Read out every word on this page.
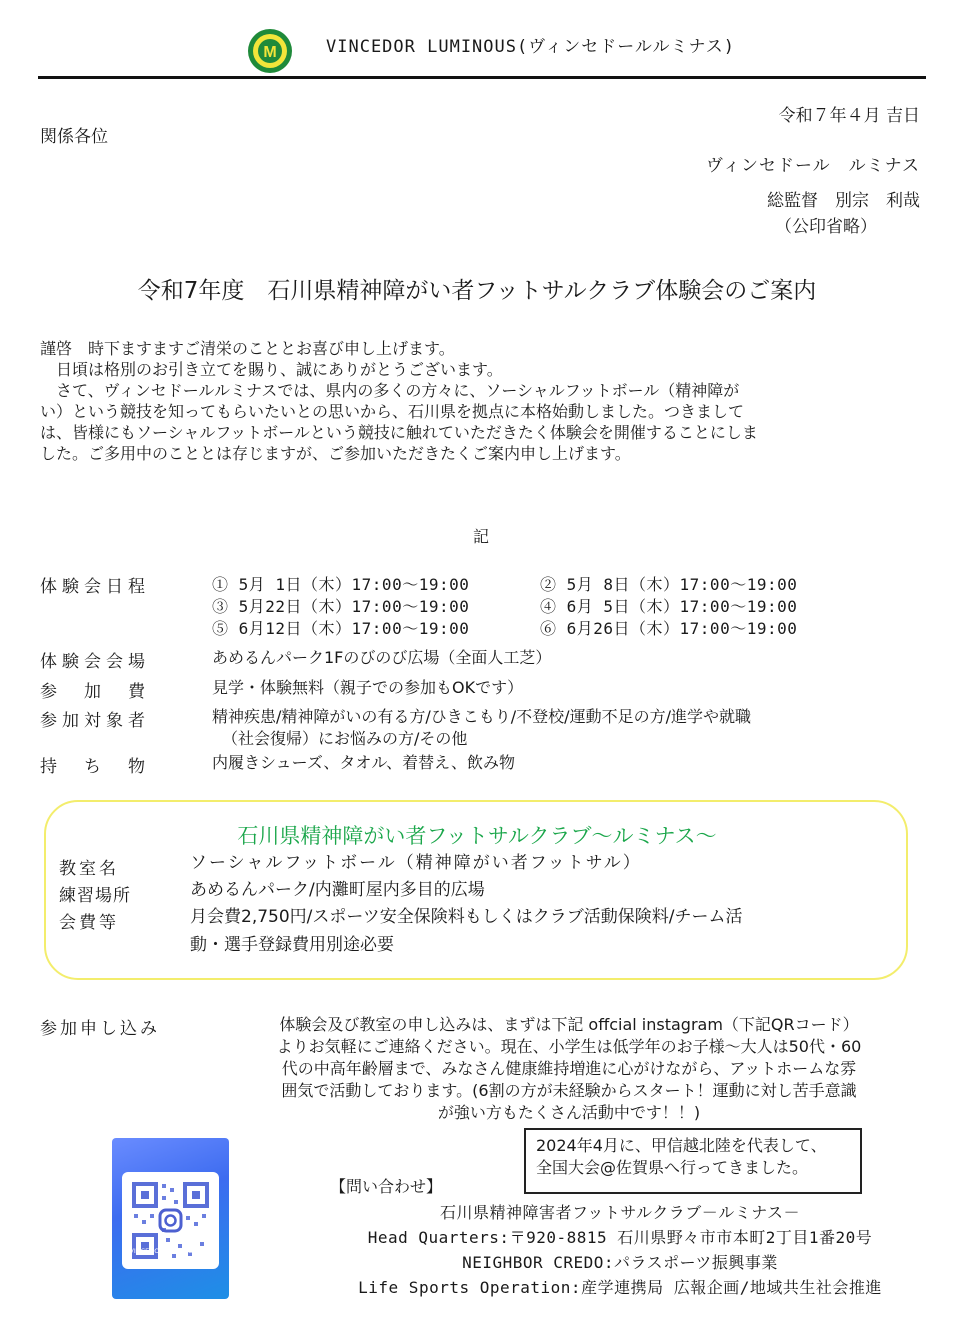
M	VINCEDOR LUMINOUS(ヴィンセドールルミナス)
令和７年４月 吉日
関係各位
ヴィンセドール　ルミナス
総監督　別宗　利哉
（公印省略）
令和7年度　石川県精神障がい者フットサルクラブ体験会のご案内

謹啓　時下ますますご清栄のこととお喜び申し上げます。

　日頃は格別のお引き立てを賜り、誠にありがとうございます。

　さて、ヴィンセドールルミナスでは、県内の多くの方々に、ソーシャルフットボール（精神障が

い）という競技を知ってもらいたいとの思いから、石川県を拠点に本格始動しました。つきまして

は、皆様にもソーシャルフットボールという競技に触れていただきたく体験会を開催することにしま

した。ご多用中のこととは存じますが、ご参加いただきたくご案内申し上げます。

記
体験会日程	① 5月 1日（木）17:00～19:00	② 5月 8日（木）17:00～19:00
③ 5月22日（木）17:00～19:00	④ 6月 5日（木）17:00～19:00
⑤ 6月12日（木）17:00～19:00	⑥ 6月26日（木）17:00～19:00
体験会会場	あめるんパーク1Fのびのび広場（全面人工芝）
参　加　費	見学・体験無料（親子での参加もOKです）
参加対象者	精神疾患/精神障がいの有る方/ひきこもり/不登校/運動不足の方/進学や就職
（社会復帰）にお悩みの方/その他
持　ち　物	内履きシューズ、タオル、着替え、飲み物
石川県精神障がい者フットサルクラブ～ルミナス～
教室名	ソーシャルフットボール（精神障がい者フットサル）
練習場所	あめるんパーク/内灘町屋内多目的広場
会費等	月会費2,750円/スポーツ安全保険料もしくはクラブ活動保険料/チーム活
動・選手登録費用別途必要
参加申し込み	体験会及び教室の申し込みは、まずは下記 offcial instagram（下記QRコード）

よりお気軽にご連絡ください。現在、小学生は低学年のお子様～大人は50代・60

代の中高年齢層まで、みなさん健康維持増進に心がけながら、アットホームな雰

囲気で活動しております。(6割の方が未経験からスタート！運動に対し苦手意識

が強い方もたくさん活動中です！！)

@VINCEDOR_LUMINOUS2021

2024年4月に、甲信越北陸を代表して、

全国大会@佐賀県へ行ってきました。

【問い合わせ】

石川県精神障害者フットサルクラブ－ルミナス－

Head Quarters:〒920-8815 石川県野々市市本町2丁目1番20号

NEIGHBOR CREDO:パラスポーツ振興事業

Life Sports Operation:産学連携局 広報企画/地域共生社会推進
